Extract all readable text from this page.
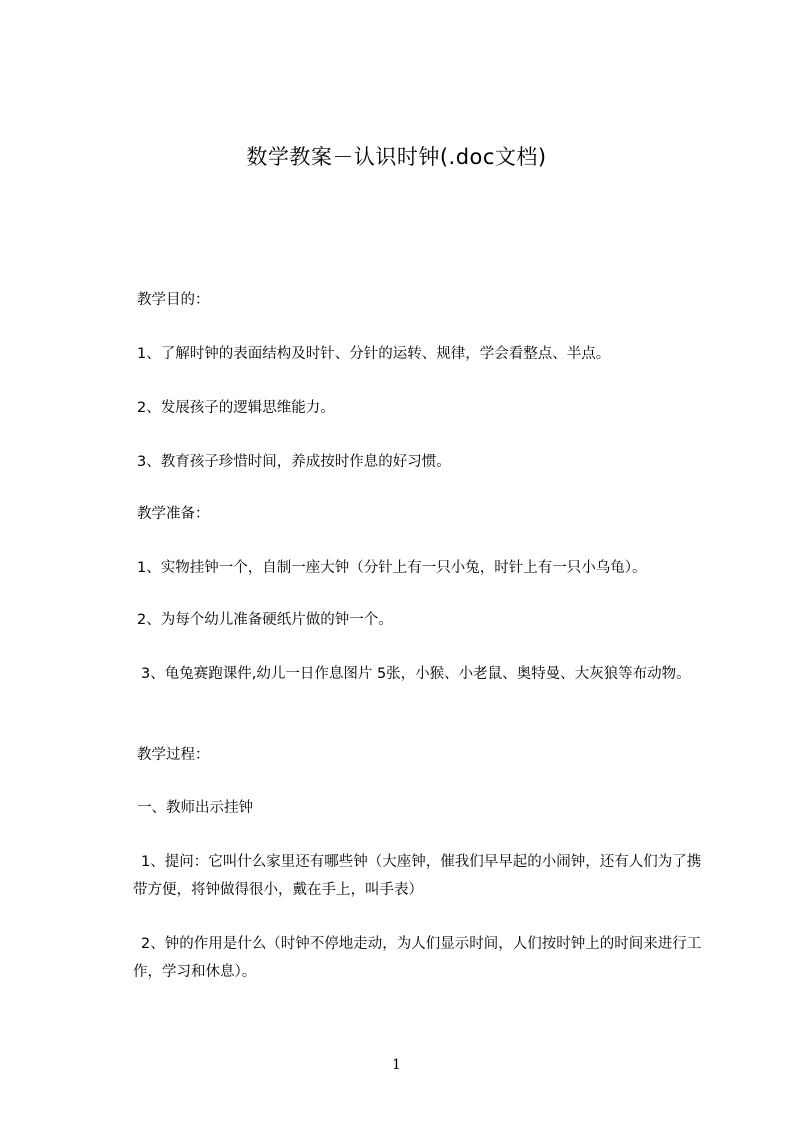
数学教案－认识时钟(.doc文档)
教学目的：
1、了解时钟的表面结构及时针、分针的运转、规律，学会看整点、半点。
2、发展孩子的逻辑思维能力。
3、教育孩子珍惜时间，养成按时作息的好习惯。
教学准备：
1、实物挂钟一个，自制一座大钟（分针上有一只小兔，时针上有一只小乌龟）。
2、为每个幼儿准备硬纸片做的钟一个。
3、龟兔赛跑课件,幼儿一日作息图片 5张，小猴、小老鼠、奥特曼、大灰狼等布动物。
教学过程：
一、教师出示挂钟
1、提问：它叫什么家里还有哪些钟（大座钟，催我们早早起的小闹钟，还有人们为了携带方便，将钟做得很小，戴在手上，叫手表）
2、钟的作用是什么（时钟不停地走动，为人们显示时间，人们按时钟上的时间来进行工作，学习和休息）。
1
